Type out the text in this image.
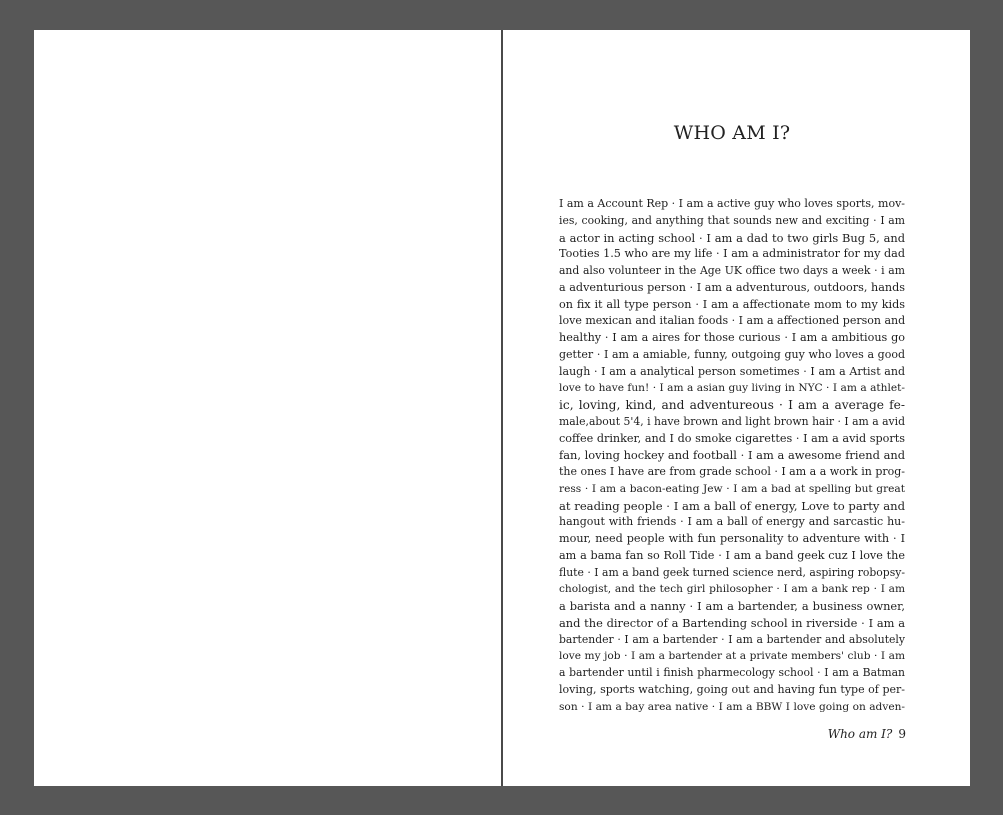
WHO AM I?
I am a Account Rep · I am a active guy who loves sports, mov-
ies, cooking, and anything that sounds new and exciting · I am
a actor in acting school · I am a dad to two girls Bug 5, and
Tooties 1.5 who are my life · I am a administrator for my dad
and also volunteer in the Age UK office two days a week · i am
a adventurious person · I am a adventurous, outdoors, hands
on fix it all type person · I am a affectionate mom to my kids
love mexican and italian foods · I am a affectioned person and
healthy · I am a aires for those curious · I am a ambitious go
getter · I am a amiable, funny, outgoing guy who loves a good
laugh · I am a analytical person sometimes · I am a Artist and
love to have fun! · I am a asian guy living in NYC · I am a athlet-
ic, loving, kind, and adventureous · I am a average fe-
male,about 5'4, i have brown and light brown hair · I am a avid
coffee drinker, and I do smoke cigarettes · I am a avid sports
fan, loving hockey and football · I am a awesome friend and
the ones I have are from grade school · I am a a work in prog-
ress · I am a bacon-eating Jew · I am a bad at spelling but great
at reading people · I am a ball of energy, Love to party and
hangout with friends · I am a ball of energy and sarcastic hu-
mour, need people with fun personality to adventure with · I
am a bama fan so Roll Tide · I am a band geek cuz I love the
flute · I am a band geek turned science nerd, aspiring robopsy-
chologist, and the tech girl philosopher · I am a bank rep · I am
a barista and a nanny · I am a bartender, a business owner,
and the director of a Bartending school in riverside · I am a
bartender · I am a bartender · I am a bartender and absolutely
love my job · I am a bartender at a private members' club · I am
a bartender until i finish pharmecology school · I am a Batman
loving, sports watching, going out and having fun type of per-
son · I am a bay area native · I am a BBW I love going on adven-
Who am I? 9
